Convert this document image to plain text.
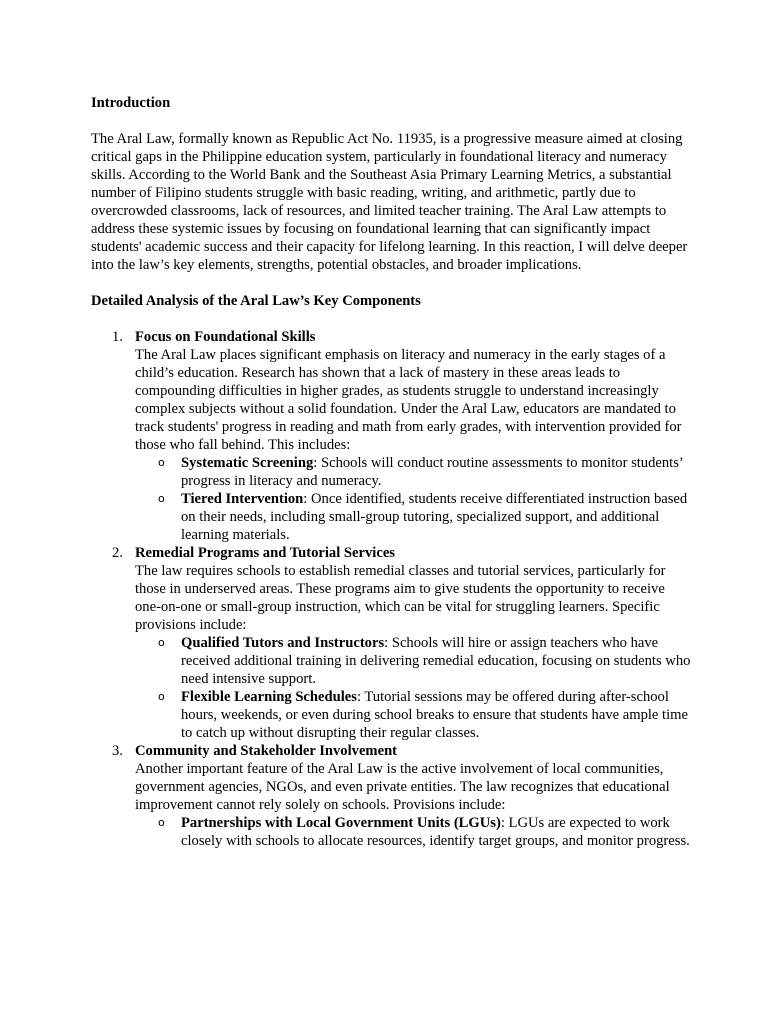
Introduction

The Aral Law, formally known as Republic Act No. 11935, is a progressive measure aimed at closing critical gaps in the Philippine education system, particularly in foundational literacy and numeracy skills. According to the World Bank and the Southeast Asia Primary Learning Metrics, a substantial number of Filipino students struggle with basic reading, writing, and arithmetic, partly due to overcrowded classrooms, lack of resources, and limited teacher training. The Aral Law attempts to address these systemic issues by focusing on foundational learning that can significantly impact students' academic success and their capacity for lifelong learning. In this reaction, I will delve deeper into the law’s key elements, strengths, potential obstacles, and broader implications.

Detailed Analysis of the Aral Law’s Key Components
1. Focus on Foundational Skills
The Aral Law places significant emphasis on literacy and numeracy in the early stages of a child’s education. Research has shown that a lack of mastery in these areas leads to compounding difficulties in higher grades, as students struggle to understand increasingly complex subjects without a solid foundation. Under the Aral Law, educators are mandated to track students' progress in reading and math from early grades, with intervention provided for those who fall behind. This includes:
o Systematic Screening: Schools will conduct routine assessments to monitor students’ progress in literacy and numeracy.
o Tiered Intervention: Once identified, students receive differentiated instruction based on their needs, including small-group tutoring, specialized support, and additional learning materials.
2. Remedial Programs and Tutorial Services
The law requires schools to establish remedial classes and tutorial services, particularly for those in underserved areas. These programs aim to give students the opportunity to receive one-on-one or small-group instruction, which can be vital for struggling learners. Specific provisions include:
o Qualified Tutors and Instructors: Schools will hire or assign teachers who have received additional training in delivering remedial education, focusing on students who need intensive support.
o Flexible Learning Schedules: Tutorial sessions may be offered during after-school hours, weekends, or even during school breaks to ensure that students have ample time to catch up without disrupting their regular classes.
3. Community and Stakeholder Involvement
Another important feature of the Aral Law is the active involvement of local communities, government agencies, NGOs, and even private entities. The law recognizes that educational improvement cannot rely solely on schools. Provisions include:
o Partnerships with Local Government Units (LGUs): LGUs are expected to work closely with schools to allocate resources, identify target groups, and monitor progress.
